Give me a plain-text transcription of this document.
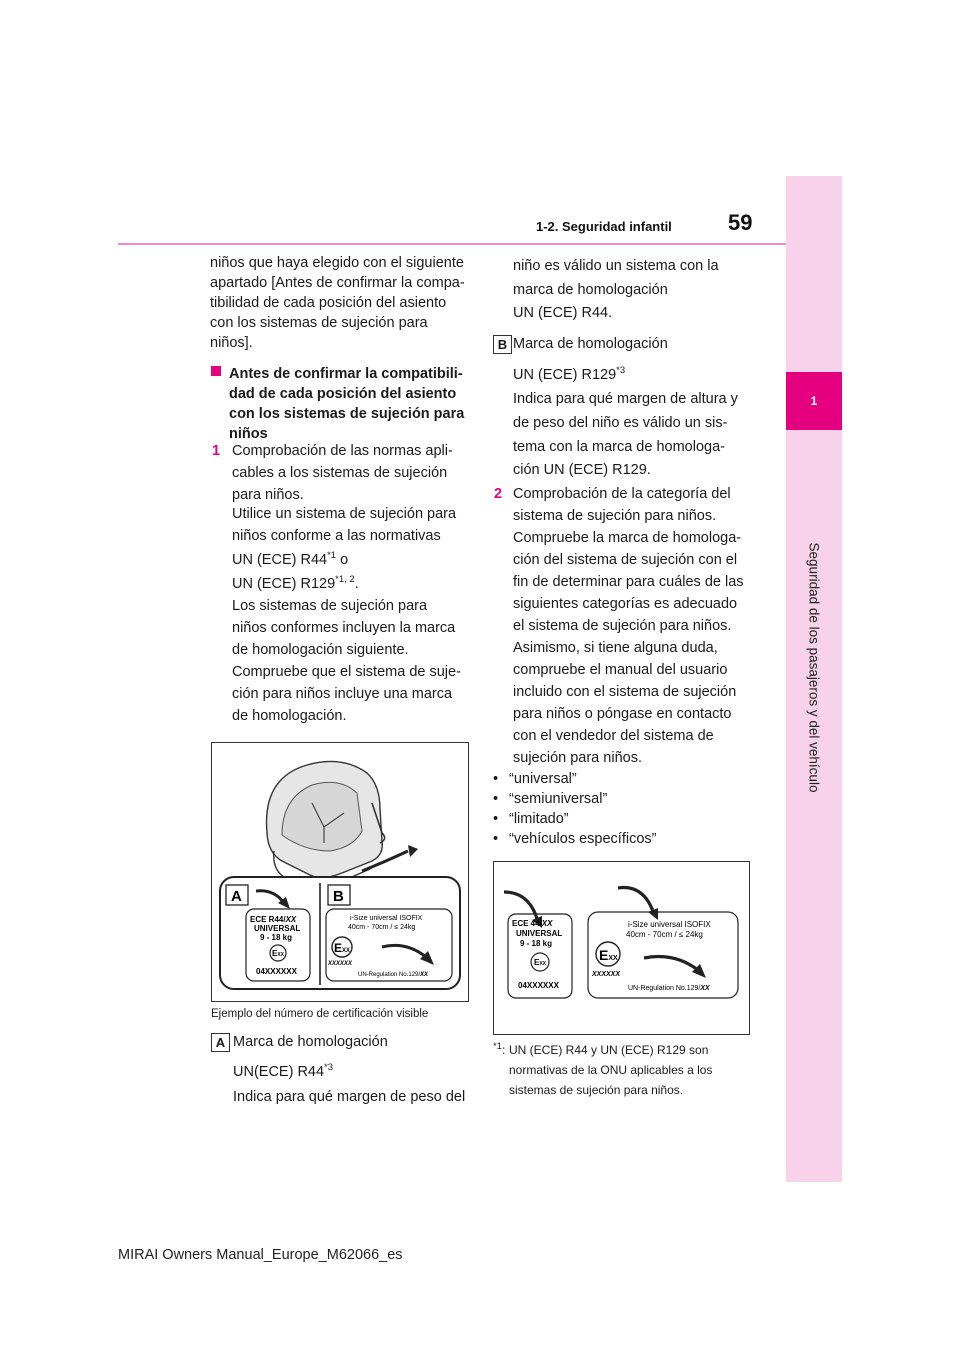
1
Seguridad de los pasajeros y del vehículo
59
1-2. Seguridad infantil
niños que haya elegido con el siguiente
apartado [Antes de confirmar la compa-
tibilidad de cada posición del asiento
con los sistemas de sujeción para
niños].
Antes de confirmar la compatibili-
dad de cada posición del asiento
con los sistemas de sujeción para
niños
1 Comprobación de las normas apli-
cables a los sistemas de sujeción
para niños.
Utilice un sistema de sujeción para
niños conforme a las normativas
UN (ECE) R44$^{*1}$ o
UN (ECE) R129$^{*1, 2}$.
Los sistemas de sujeción para
niños conformes incluyen la marca
de homologación siguiente.
Compruebe que el sistema de suje-
ción para niños incluye una marca
de homologación.
A	B
ECE R44/XX
UNIVERSAL
9 - 18 kg
EXX
04XXXXXX
i-Size universal ISOFIX
40cm - 70cm / ≤ 24kg
EXX
XXXXXX
UN-Regulation No.129/XX
Ejemplo del número de certificación visible
A Marca de homologación
UN(ECE) R44$^{*3}$
Indica para qué margen de peso del
niño es válido un sistema con la
marca de homologación
UN (ECE) R44.
B Marca de homologación
UN (ECE) R129$^{*3}$
Indica para qué margen de altura y
de peso del niño es válido un sis-
tema con la marca de homologa-
ción UN (ECE) R129.
2 Comprobación de la categoría del
sistema de sujeción para niños.
Compruebe la marca de homologa-
ción del sistema de sujeción con el
fin de determinar para cuáles de las
siguientes categorías es adecuado
el sistema de sujeción para niños.
Asimismo, si tiene alguna duda,
compruebe el manual del usuario
incluido con el sistema de sujeción
para niños o póngase en contacto
con el vendedor del sistema de
sujeción para niños.
• “universal”
• “semiuniversal”
• “limitado”
• “vehículos específicos”
ECE 44/XX
UNIVERSAL
9 - 18 kg
EXX
04XXXXXX
i-Size universal ISOFIX
40cm - 70cm / ≤ 24kg
EXX
XXXXXX
UN-Regulation No.129/XX
$^{*1}$: UN (ECE) R44 y UN (ECE) R129 son
normativas de la ONU aplicables a los
sistemas de sujeción para niños.
MIRAI Owners Manual_Europe_M62066_es
